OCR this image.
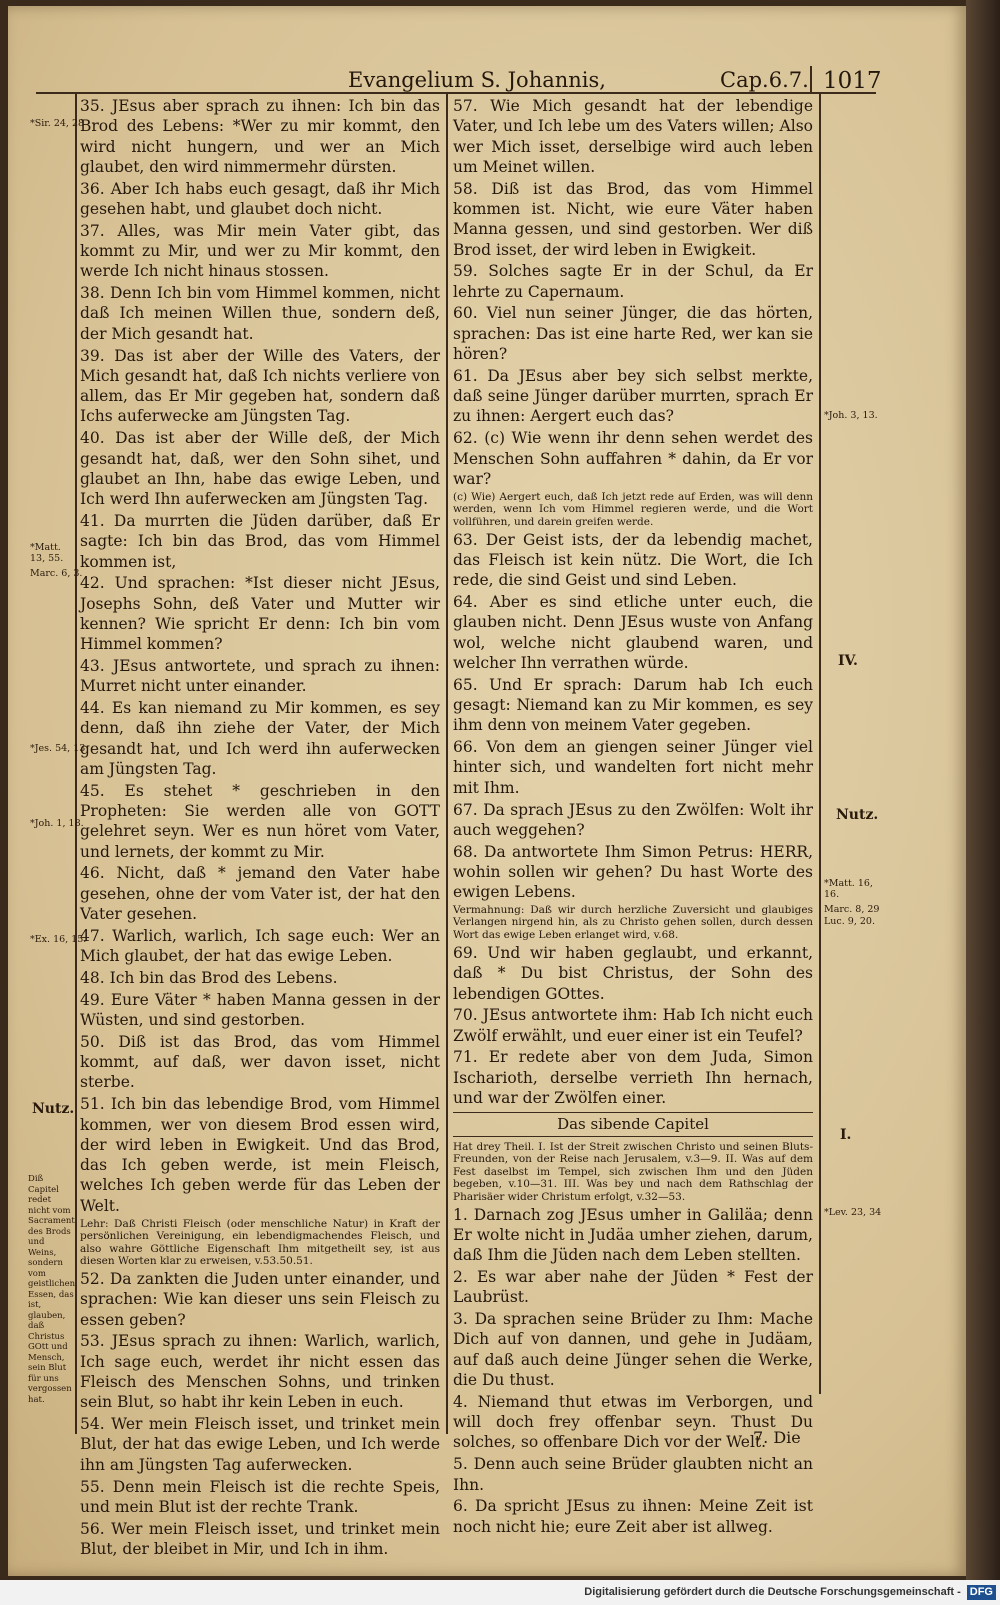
Evangelium S. Johannis,	Cap.6.7. 1017

35. JEsus aber sprach zu ihnen: Ich bin das Brod des Lebens: *Wer zu mir kommt, den wird nicht hungern, und wer an Mich glaubet, den wird nimmermehr dürsten.

36. Aber Ich habs euch gesagt, daß ihr Mich gesehen habt, und glaubet doch nicht.

37. Alles, was Mir mein Vater gibt, das kommt zu Mir, und wer zu Mir kommt, den werde Ich nicht hinaus stossen.

38. Denn Ich bin vom Himmel kommen, nicht daß Ich meinen Willen thue, sondern deß, der Mich gesandt hat.

39. Das ist aber der Wille des Vaters, der Mich gesandt hat, daß Ich nichts verliere von allem, das Er Mir gegeben hat, sondern daß Ichs auferwecke am Jüngsten Tag.

40. Das ist aber der Wille deß, der Mich gesandt hat, daß, wer den Sohn sihet, und glaubet an Ihn, habe das ewige Leben, und Ich werd Ihn auferwecken am Jüngsten Tag.

41. Da murrten die Jüden darüber, daß Er sagte: Ich bin das Brod, das vom Himmel kommen ist,

42. Und sprachen: *Ist dieser nicht JEsus, Josephs Sohn, deß Vater und Mutter wir kennen? Wie spricht Er denn: Ich bin vom Himmel kommen?

43. JEsus antwortete, und sprach zu ihnen: Murret nicht unter einander.

44. Es kan niemand zu Mir kommen, es sey denn, daß ihn ziehe der Vater, der Mich gesandt hat, und Ich werd ihn auferwecken am Jüngsten Tag.

45. Es stehet * geschrieben in den Propheten: Sie werden alle von GOTT gelehret seyn. Wer es nun höret vom Vater, und lernets, der kommt zu Mir.

46. Nicht, daß * jemand den Vater habe gesehen, ohne der vom Vater ist, der hat den Vater gesehen.

47. Warlich, warlich, Ich sage euch: Wer an Mich glaubet, der hat das ewige Leben.

48. Ich bin das Brod des Lebens.

49. Eure Väter * haben Manna gessen in der Wüsten, und sind gestorben.

50. Diß ist das Brod, das vom Himmel kommt, auf daß, wer davon isset, nicht sterbe.

51. Ich bin das lebendige Brod, vom Himmel kommen, wer von diesem Brod essen wird, der wird leben in Ewigkeit. Und das Brod, das Ich geben werde, ist mein Fleisch, welches Ich geben werde für das Leben der Welt.

Lehr: Daß Christi Fleisch (oder menschliche Natur) in Kraft der persönlichen Vereinigung, ein lebendigmachendes Fleisch, und also wahre Göttliche Eigenschaft Ihm mitgetheilt sey, ist aus diesen Worten klar zu erweisen, v.53.50.51.

52. Da zankten die Juden unter einander, und sprachen: Wie kan dieser uns sein Fleisch zu essen geben?

53. JEsus sprach zu ihnen: Warlich, warlich, Ich sage euch, werdet ihr nicht essen das Fleisch des Menschen Sohns, und trinken sein Blut, so habt ihr kein Leben in euch.

54. Wer mein Fleisch isset, und trinket mein Blut, der hat das ewige Leben, und Ich werde ihn am Jüngsten Tag auferwecken.

55. Denn mein Fleisch ist die rechte Speis, und mein Blut ist der rechte Trank.

56. Wer mein Fleisch isset, und trinket mein Blut, der bleibet in Mir, und Ich in ihm.

57. Wie Mich gesandt hat der lebendige Vater, und Ich lebe um des Vaters willen; Also wer Mich isset, derselbige wird auch leben um Meinet willen.

58. Diß ist das Brod, das vom Himmel kommen ist. Nicht, wie eure Väter haben Manna gessen, und sind gestorben. Wer diß Brod isset, der wird leben in Ewigkeit.

59. Solches sagte Er in der Schul, da Er lehrte zu Capernaum.

60. Viel nun seiner Jünger, die das hörten, sprachen: Das ist eine harte Red, wer kan sie hören?

61. Da JEsus aber bey sich selbst merkte, daß seine Jünger darüber murrten, sprach Er zu ihnen: Aergert euch das?

62. (c) Wie wenn ihr denn sehen werdet des Menschen Sohn auffahren * dahin, da Er vor war?

(c) Wie) Aergert euch, daß Ich jetzt rede auf Erden, was will denn werden, wenn Ich vom Himmel regieren werde, und die Wort vollführen, und darein greifen werde.

63. Der Geist ists, der da lebendig machet, das Fleisch ist kein nütz. Die Wort, die Ich rede, die sind Geist und sind Leben.

64. Aber es sind etliche unter euch, die glauben nicht. Denn JEsus wuste von Anfang wol, welche nicht glaubend waren, und welcher Ihn verrathen würde.

65. Und Er sprach: Darum hab Ich euch gesagt: Niemand kan zu Mir kommen, es sey ihm denn von meinem Vater gegeben.

66. Von dem an giengen seiner Jünger viel hinter sich, und wandelten fort nicht mehr mit Ihm.

67. Da sprach JEsus zu den Zwölfen: Wolt ihr auch weggehen?

68. Da antwortete Ihm Simon Petrus: HERR, wohin sollen wir gehen? Du hast Worte des ewigen Lebens.

Vermahnung: Daß wir durch herzliche Zuversicht und glaubiges Verlangen nirgend hin, als zu Christo gehen sollen, durch dessen Wort das ewige Leben erlanget wird, v.68.

69. Und wir haben geglaubt, und erkannt, daß * Du bist Christus, der Sohn des lebendigen GOttes.

70. JEsus antwortete ihm: Hab Ich nicht euch Zwölf erwählt, und euer einer ist ein Teufel?

71. Er redete aber von dem Juda, Simon Ischarioth, derselbe verrieth Ihn hernach, und war der Zwölfen einer.

Das sibende Capitel

Hat drey Theil. I. Ist der Streit zwischen Christo und seinen Bluts-Freunden, von der Reise nach Jerusalem, v.3—9. II. Was auf dem Fest daselbst im Tempel, sich zwischen Ihm und den Jüden begeben, v.10—31. III. Was bey und nach dem Rathschlag der Pharisäer wider Christum erfolgt, v.32—53.

1. Darnach zog JEsus umher in Galiläa; denn Er wolte nicht in Judäa umher ziehen, darum, daß Ihm die Jüden nach dem Leben stellten.

2. Es war aber nahe der Jüden * Fest der Laubrüst.

3. Da sprachen seine Brüder zu Ihm: Mache Dich auf von dannen, und gehe in Judäam, auf daß auch deine Jünger sehen die Werke, die Du thust.

4. Niemand thut etwas im Verborgen, und will doch frey offenbar seyn. Thust Du solches, so offenbare Dich vor der Welt.

5. Denn auch seine Brüder glaubten nicht an Ihn.

6. Da spricht JEsus zu ihnen: Meine Zeit ist noch nicht hie; eure Zeit aber ist allweg.

7. Die
*Sir. 24, 28
*Matt. 13, 55.
Marc. 6, 3.
*Jes. 54, 13
*Joh. 1, 18.
*Ex. 16, 15.
Nutz.
Diß Capitel redet nicht vom Sacrament des Brods und Weins, sondern vom geistlichen Essen, das ist, glauben, daß Christus GOtt und Mensch, sein Blut für uns vergossen hat.
*Joh. 3, 13.
IV.
Nutz.
*Matt. 16, 16.
Marc. 8, 29
Luc. 9, 20.
I.
*Lev. 23, 34
Digitalisierung gefördert durch die Deutsche Forschungsgemeinschaft - DFG
